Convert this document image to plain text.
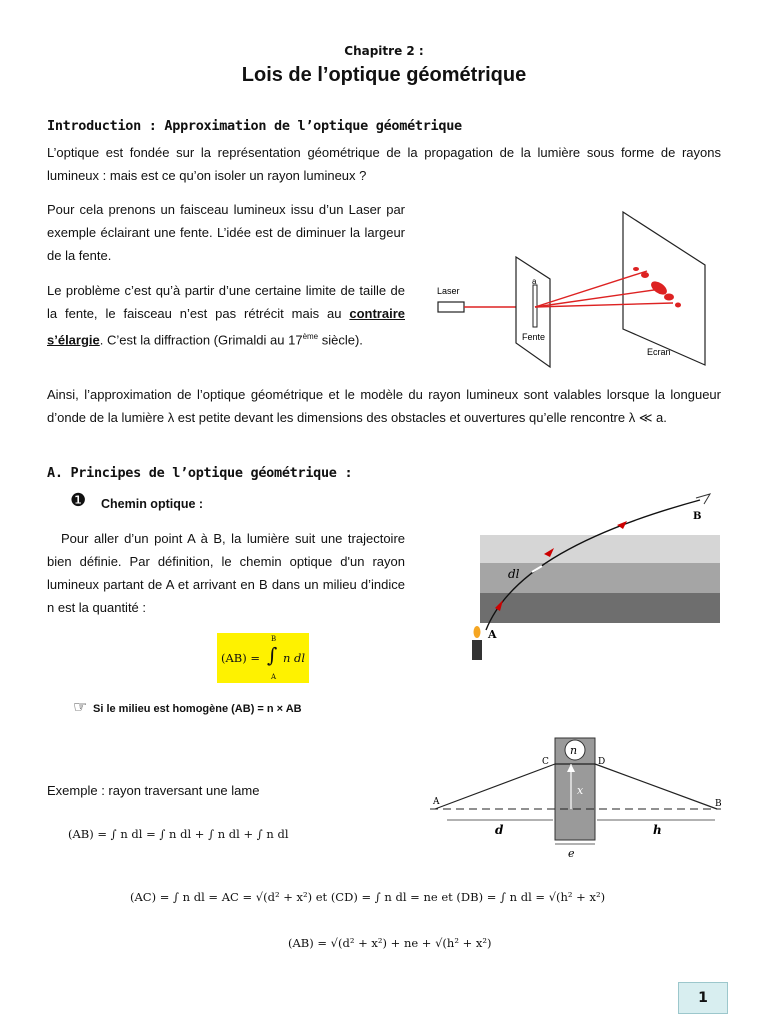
Chapitre 2 :
Lois de l’optique géométrique
Introduction : Approximation de l’optique géométrique
L’optique est fondée sur la représentation géométrique de la propagation de la lumière sous forme de rayons lumineux : mais est ce qu’on isoler un rayon lumineux ?
Pour cela prenons un faisceau lumineux issu d’un Laser par exemple éclairant une fente. L’idée est de diminuer la largeur de la fente.
Le problème c’est qu’à partir d’une certaine limite de taille de la fente, le faisceau n’est pas rétrécit mais au contraire s’élargie. C’est la diffraction (Grimaldi au 17ème siècle).
Laser
a
Fente
Ecran
Ainsi, l’approximation de l’optique géométrique et le modèle du rayon lumineux sont valables lorsque la longueur d’onde de la lumière λ est petite devant les dimensions des obstacles et ouvertures qu’elle rencontre λ ≪ a.
A. Principes de l’optique géométrique :
❶ Chemin optique :
Pour aller d’un point A à B, la lumière suit une trajectoire bien définie. Par définition, le chemin optique d'un rayon lumineux partant de A et arrivant en B dans un milieu d’indice n est la quantité :
(AB) = ∫
B
A
n dl
☞ Si le milieu est homogène (AB) = n × AB
dl
A
B
Exemple : rayon traversant une lame
n
x
C	D
A	B
d	h
e
(AB) = ∫ n dl = ∫ n dl + ∫ n dl + ∫ n dl
(AC) = ∫ n dl = AC = √(d² + x²) et (CD) = ∫ n dl = ne et (DB) = ∫ n dl = √(h² + x²)
(AB) = √(d² + x²) + ne + √(h² + x²)
1
